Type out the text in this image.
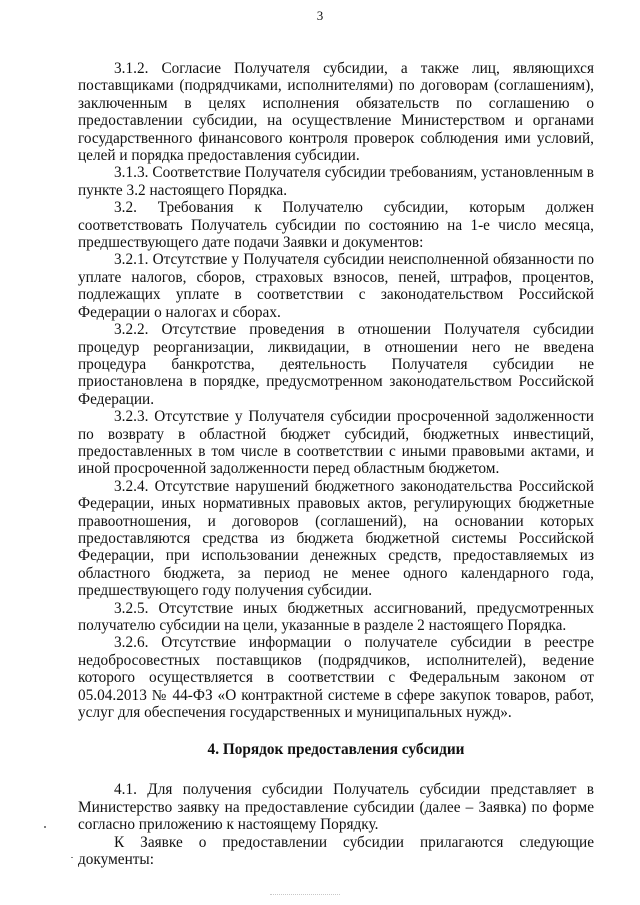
3

3.1.2. Согласие Получателя субсидии, а также лиц, являющихся поставщиками (подрядчиками, исполнителями) по договорам (соглашениям), заключенным в целях исполнения обязательств по соглашению о предоставлении субсидии, на осуществление Министерством и органами государственного финансового контроля проверок соблюдения ими условий, целей и порядка предоставления субсидии.

3.1.3. Соответствие Получателя субсидии требованиям, установленным в пункте 3.2 настоящего Порядка.

3.2. Требования к Получателю субсидии, которым должен соответствовать Получатель субсидии по состоянию на 1-е число месяца, предшествующего дате подачи Заявки и документов:

3.2.1. Отсутствие у Получателя субсидии неисполненной обязанности по уплате налогов, сборов, страховых взносов, пеней, штрафов, процентов, подлежащих уплате в соответствии с законодательством Российской Федерации о налогах и сборах.

3.2.2. Отсутствие проведения в отношении Получателя субсидии процедур реорганизации, ликвидации, в отношении него не введена процедура банкротства, деятельность Получателя субсидии не приостановлена в порядке, предусмотренном законодательством Российской Федерации.

3.2.3. Отсутствие у Получателя субсидии просроченной задолженности по возврату в областной бюджет субсидий, бюджетных инвестиций, предоставленных в том числе в соответствии с иными правовыми актами, и иной просроченной задолженности перед областным бюджетом.

3.2.4. Отсутствие нарушений бюджетного законодательства Российской Федерации, иных нормативных правовых актов, регулирующих бюджетные правоотношения, и договоров (соглашений), на основании которых предоставляются средства из бюджета бюджетной системы Российской Федерации, при использовании денежных средств, предоставляемых из областного бюджета, за период не менее одного календарного года, предшествующего году получения субсидии.

3.2.5. Отсутствие иных бюджетных ассигнований, предусмотренных получателю субсидии на цели, указанные в разделе 2 настоящего Порядка.

3.2.6. Отсутствие информации о получателе субсидии в реестре недобросовестных поставщиков (подрядчиков, исполнителей), ведение которого осуществляется в соответствии с Федеральным законом от 05.04.2013 № 44-ФЗ «О контрактной системе в сфере закупок товаров, работ, услуг для обеспечения государственных и муниципальных нужд».

4. Порядок предоставления субсидии

4.1. Для получения субсидии Получатель субсидии представляет в Министерство заявку на предоставление субсидии (далее – Заявка) по форме согласно приложению к настоящему Порядку.

К Заявке о предоставлении субсидии прилагаются следующие документы:
